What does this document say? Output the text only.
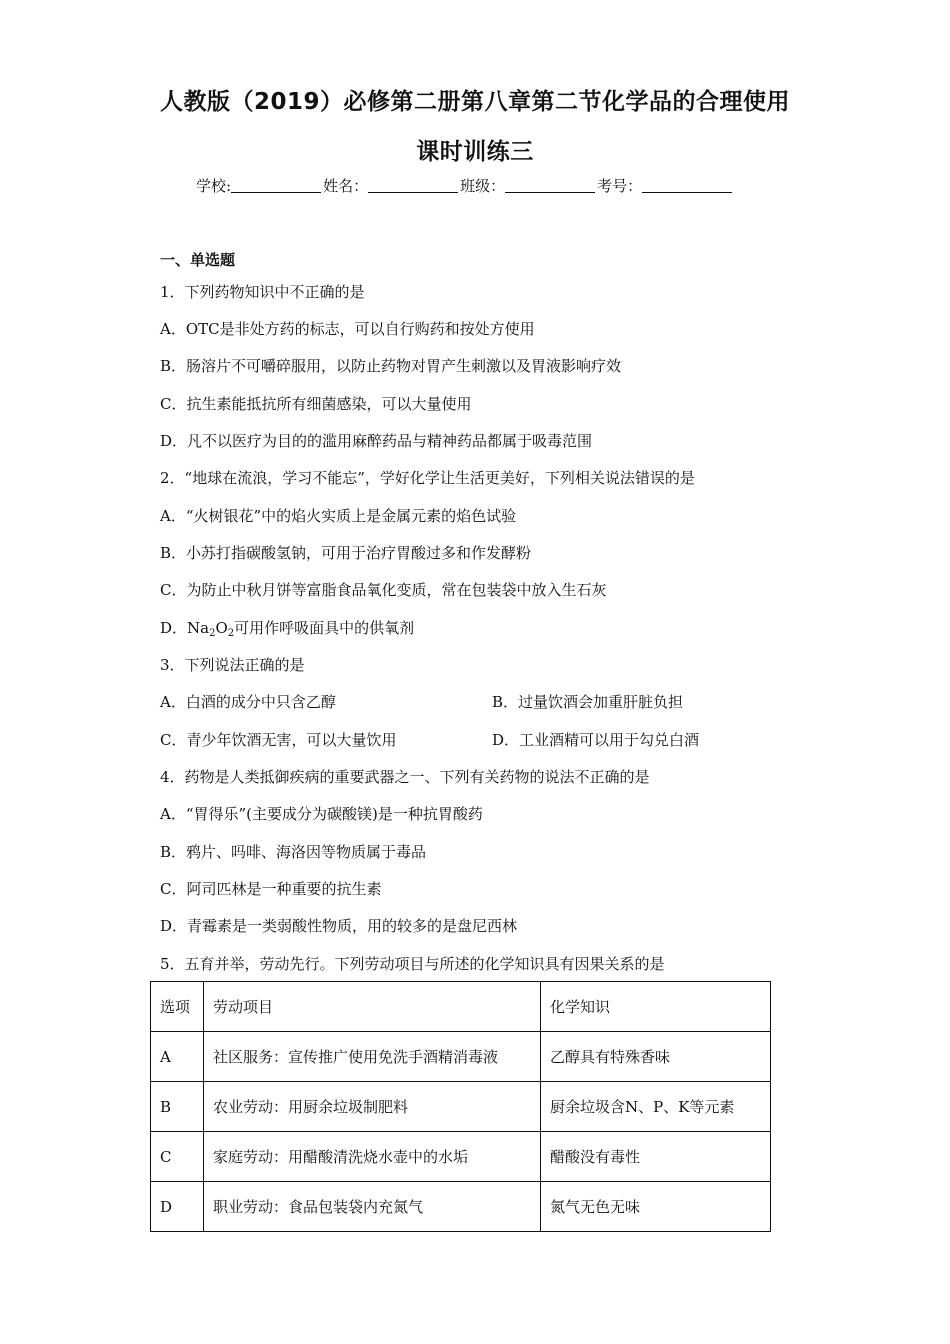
人教版（2019）必修第二册第八章第二节化学品的合理使用
课时训练三
学校:	姓名：	班级：	考号：
一、单选题
1．下列药物知识中不正确的是
A．OTC是非处方药的标志，可以自行购药和按处方使用
B．肠溶片不可嚼碎服用，以防止药物对胃产生刺激以及胃液影响疗效
C．抗生素能抵抗所有细菌感染，可以大量使用
D．凡不以医疗为目的的滥用麻醉药品与精神药品都属于吸毒范围
2．“地球在流浪，学习不能忘”，学好化学让生活更美好，下列相关说法错误的是
A．“火树银花”中的焰火实质上是金属元素的焰色试验
B．小苏打指碳酸氢钠，可用于治疗胃酸过多和作发酵粉
C．为防止中秋月饼等富脂食品氧化变质，常在包装袋中放入生石灰
D．$Na_2O_2$可用作呼吸面具中的供氧剂
3．下列说法正确的是
A．白酒的成分中只含乙醇	B．过量饮酒会加重肝脏负担
C．青少年饮酒无害，可以大量饮用	D．工业酒精可以用于勾兑白酒
4．药物是人类抵御疾病的重要武器之一、下列有关药物的说法不正确的是
A．“胃得乐”(主要成分为碳酸镁)是一种抗胃酸药
B．鸦片、吗啡、海洛因等物质属于毒品
C．阿司匹林是一种重要的抗生素
D．青霉素是一类弱酸性物质，用的较多的是盘尼西林
5．五育并举，劳动先行。下列劳动项目与所述的化学知识具有因果关系的是
选项	劳动项目	化学知识
A	社区服务：宣传推广使用免洗手酒精消毒液	乙醇具有特殊香味
B	农业劳动：用厨余垃圾制肥料	厨余垃圾含N、P、K等元素
C	家庭劳动：用醋酸清洗烧水壶中的水垢	醋酸没有毒性
D	职业劳动：食品包装袋内充氮气	氮气无色无味
